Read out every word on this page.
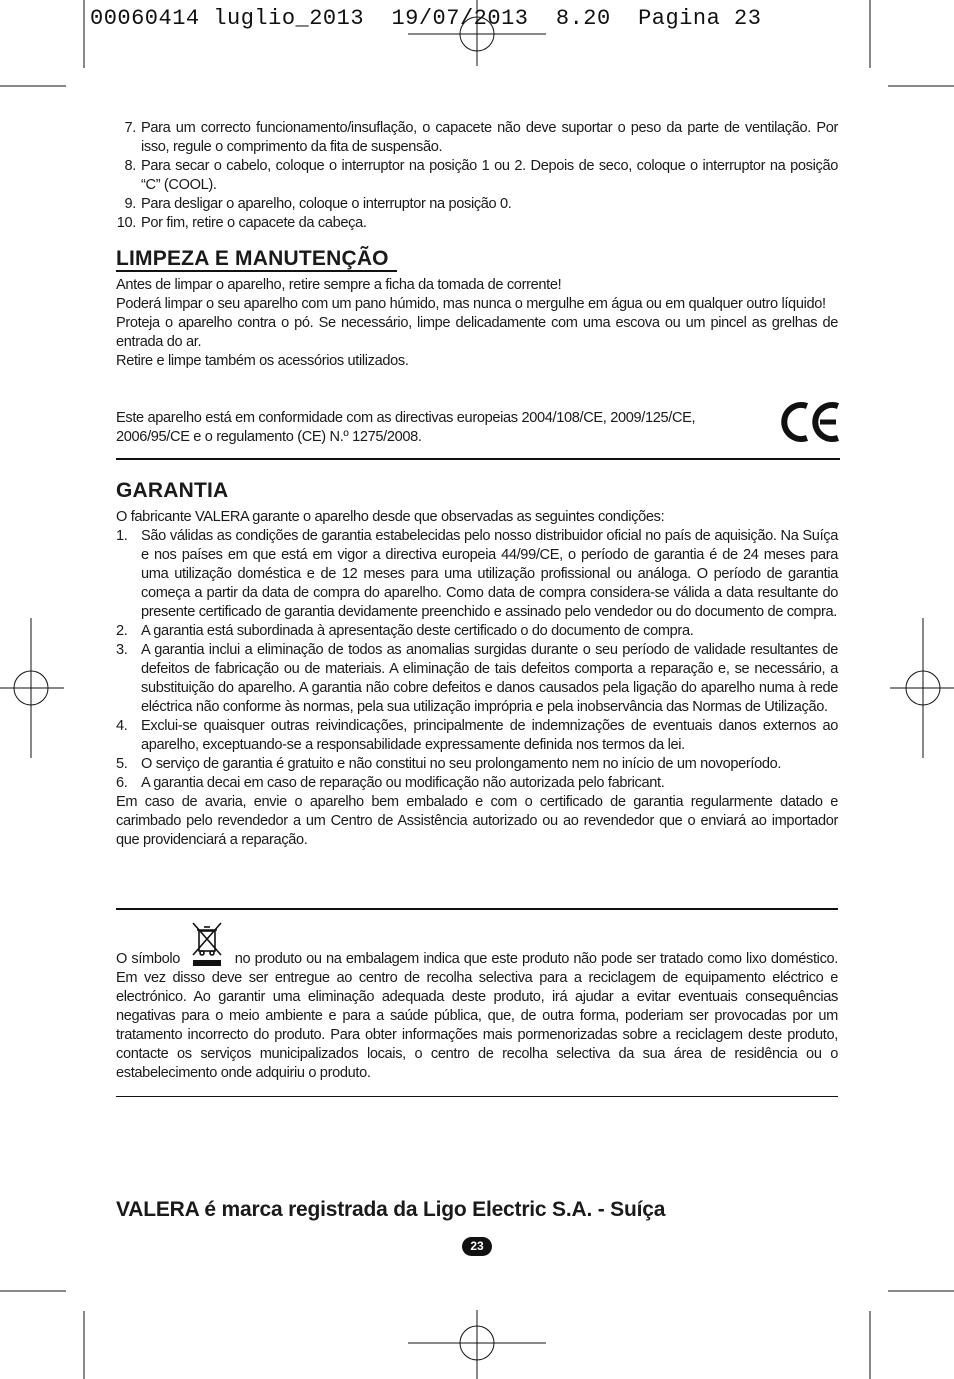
00060414 luglio_2013  19/07/2013  8.20  Pagina 23
7. Para um correcto funcionamento/insuflação, o capacete não deve suportar o peso da parte de ventilação. Por isso, regule o comprimento da fita de suspensão.
8. Para secar o cabelo, coloque o interruptor na posição 1 ou 2. Depois de seco, coloque o interruptor na posição “C” (COOL).
9. Para desligar o aparelho, coloque o interruptor na posição 0.
10. Por fim, retire o capacete da cabeça.
LIMPEZA E MANUTENÇÃO

Antes de limpar o aparelho, retire sempre a ficha da tomada de corrente!

Poderá limpar o seu aparelho com um pano húmido, mas nunca o mergulhe em água ou em qualquer outro líquido!

Proteja o aparelho contra o pó. Se necessário, limpe delicadamente com uma escova ou um pincel as grelhas de entrada do ar.

Retire e limpe também os acessórios utilizados.

Este aparelho está em conformidade com as directivas europeias 2004/108/CE, 2009/125/CE, 2006/95/CE e o regulamento (CE) N.º 1275/2008.

GARANTIA

O fabricante VALERA garante o aparelho desde que observadas as seguintes condições:

1. São válidas as condições de garantia estabelecidas pelo nosso distribuidor oficial no país de aquisição. Na Suíça e nos países em que está em vigor a directiva europeia 44/99/CE, o período de garantia é de 24 meses para uma utilização doméstica e de 12 meses para uma utilização profissional ou análoga. O período de garantia começa a partir da data de compra do aparelho. Como data de compra considera-se válida a data resultante do presente certificado de garantia devidamente preenchido e assinado pelo vendedor ou do documento de compra.
2. A garantia está subordinada à apresentação deste certificado o do documento de compra.
3. A garantia inclui a eliminação de todos as anomalias surgidas durante o seu período de validade resultantes de defeitos de fabricação ou de materiais. A eliminação de tais defeitos comporta a reparação e, se necessário, a substituição do aparelho. A garantia não cobre defeitos e danos causados pela ligação do aparelho numa à rede eléctrica não conforme às normas, pela sua utilização imprópria e pela inobservância das Normas de Utilização.
4. Exclui-se quaisquer outras reivindicações, principalmente de indemnizações de eventuais danos externos ao aparelho, exceptuando-se a responsabilidade expressamente definida nos termos da lei.
5. O serviço de garantia é gratuito e não constitui no seu prolongamento nem no início de um novoperíodo.
6. A garantia decai em caso de reparação ou modificação não autorizada pelo fabricant.

Em caso de avaria, envie o aparelho bem embalado e com o certificado de garantia regularmente datado e carimbado pelo revendedor a um Centro de Assistência autorizado ou ao revendedor que o enviará ao importador que providenciará a reparação.

O símbolo	no produto ou na embalagem indica que este produto não pode ser tratado como lixo doméstico. Em vez disso deve ser entregue ao centro de recolha selectiva para a reciclagem de equipamento eléctrico e electrónico. Ao garantir uma eliminação adequada deste produto, irá ajudar a evitar eventuais consequências negativas para o meio ambiente e para a saúde pública, que, de outra forma, poderiam ser provocadas por um tratamento incorrecto do produto. Para obter informações mais pormenorizadas sobre a reciclagem deste produto, contacte os serviços municipalizados locais, o centro de recolha selectiva da sua área de residência ou o estabelecimento onde adquiriu o produto.

VALERA é marca registrada da Ligo Electric S.A. - Suíça
23
